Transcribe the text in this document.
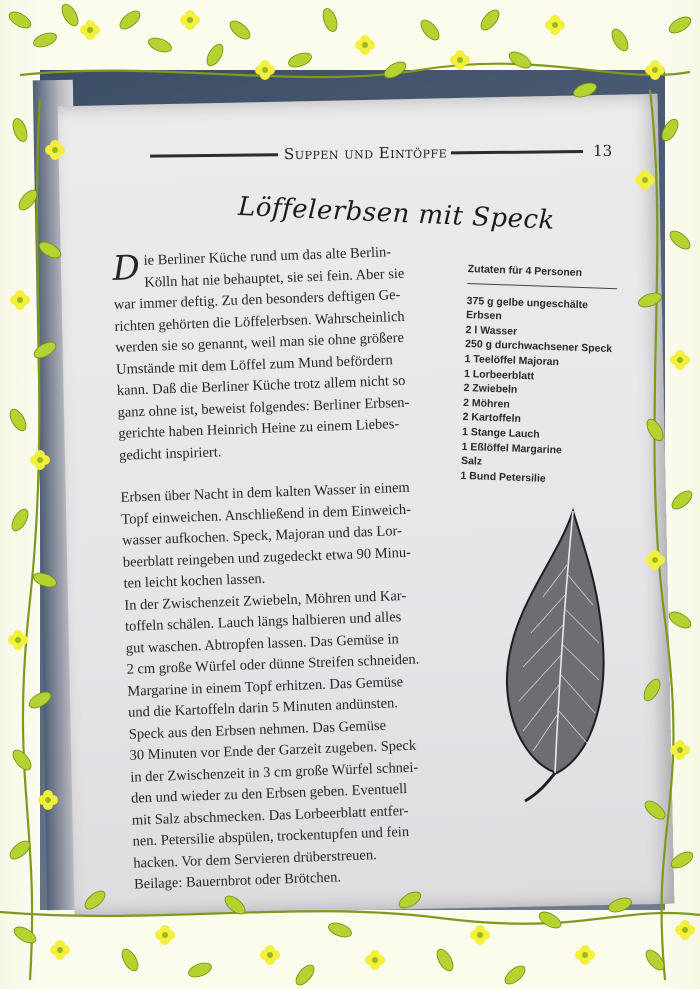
Suppen und Eintöpfe	13
Löffelerbsen mit Speck

Die Berliner Küche rund um das alte Berlin-
Kölln hat nie behauptet, sie sei fein. Aber sie
war immer deftig. Zu den besonders deftigen Ge-
richten gehörten die Löffelerbsen. Wahrscheinlich
werden sie so genannt, weil man sie ohne größere
Umstände mit dem Löffel zum Mund befördern
kann. Daß die Berliner Küche trotz allem nicht so
ganz ohne ist, beweist folgendes: Berliner Erbsen-
gerichte haben Heinrich Heine zu einem Liebes-
gedicht inspiriert.

Erbsen über Nacht in dem kalten Wasser in einem
Topf einweichen. Anschließend in dem Einweich-
wasser aufkochen. Speck, Majoran und das Lor-
beerblatt reingeben und zugedeckt etwa 90 Minu-
ten leicht kochen lassen.
In der Zwischenzeit Zwiebeln, Möhren und Kar-
toffeln schälen. Lauch längs halbieren und alles
gut waschen. Abtropfen lassen. Das Gemüse in
2 cm große Würfel oder dünne Streifen schneiden.
Margarine in einem Topf erhitzen. Das Gemüse
und die Kartoffeln darin 5 Minuten andünsten.
Speck aus den Erbsen nehmen. Das Gemüse
30 Minuten vor Ende der Garzeit zugeben. Speck
in der Zwischenzeit in 3 cm große Würfel schnei-
den und wieder zu den Erbsen geben. Eventuell
mit Salz abschmecken. Das Lorbeerblatt entfer-
nen. Petersilie abspülen, trockentupfen und fein
hacken. Vor dem Servieren drüberstreuen.
Beilage: Bauernbrot oder Brötchen.

Zutaten für 4 Personen
375 g gelbe ungeschälte
Erbsen
2 l Wasser
250 g durchwachsener Speck
1 Teelöffel Majoran
1 Lorbeerblatt
2 Zwiebeln
2 Möhren
2 Kartoffeln
1 Stange Lauch
1 Eßlöffel Margarine
Salz
1 Bund Petersilie
